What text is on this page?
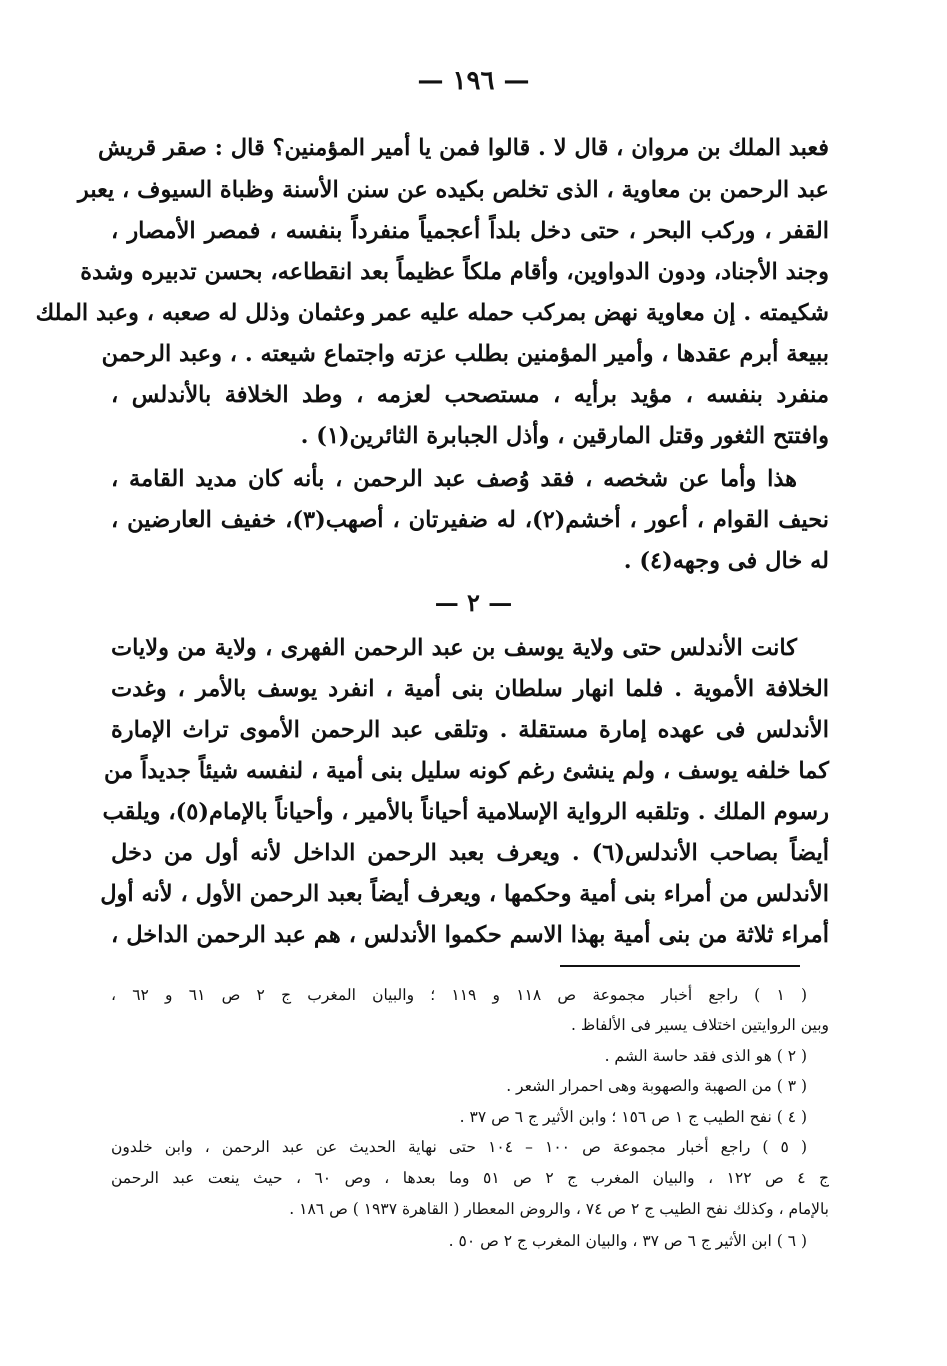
— ١٩٦ —
فعبد الملك بن مروان ، قال لا . قالوا فمن يا أمير المؤمنين؟ قال : صقر قريش
عبد الرحمن بن معاوية ، الذى تخلص بكيده عن سنن الأسنة وظباة السيوف ، يعبر
القفر ، وركب البحر ، حتى دخل بلداً أعجمياً منفرداً بنفسه ، فمصر الأمصار ،
وجند الأجناد، ودون الدواوين، وأقام ملكاً عظيماً بعد انقطاعه، بحسن تدبيره وشدة
شكيمته . إن معاوية نهض بمركب حمله عليه عمر وعثمان وذلل له صعبه ، وعبد الملك
ببيعة أبرم عقدها ، وأمير المؤمنين بطلب عزته واجتماع شيعته . ، وعبد الرحمن
منفرد بنفسه ، مؤيد برأيه ، مستصحب لعزمه ، وطد الخلافة بالأندلس ،
وافتتح الثغور وقتل المارقين ، وأذل الجبابرة الثائرين(١) .
هذا وأما عن شخصه ، فقد وُصف عبد الرحمن ، بأنه كان مديد القامة ،
نحيف القوام ، أعور ، أخشم(٢)، له ضفيرتان ، أصهب(٣)، خفيف العارضين ،
له خال فى وجهه(٤) .
— ٢ —
كانت الأندلس حتى ولاية يوسف بن عبد الرحمن الفهرى ، ولاية من ولايات
الخلافة الأموية . فلما انهار سلطان بنى أمية ، انفرد يوسف بالأمر ، وغدت
الأندلس فى عهده إمارة مستقلة . وتلقى عبد الرحمن الأموى تراث الإمارة
كما خلفه يوسف ، ولم ينشئ رغم كونه سليل بنى أمية ، لنفسه شيئاً جديداً من
رسوم الملك . وتلقبه الرواية الإسلامية أحياناً بالأمير ، وأحياناً بالإمام(٥)، ويلقب
أيضاً بصاحب الأندلس(٦) . ويعرف بعبد الرحمن الداخل لأنه أول من دخل
الأندلس من أمراء بنى أمية وحكمها ، ويعرف أيضاً بعبد الرحمن الأول ، لأنه أول
أمراء ثلاثة من بنى أمية بهذا الاسم حكموا الأندلس ، هم عبد الرحمن الداخل ،
( ١ ) راجع أخبار مجموعة ص ١١٨ و ١١٩ ؛ والبيان المغرب ج ٢ ص ٦١ و ٦٢ ،
وبين الروايتين اختلاف يسير فى الألفاظ .
( ٢ ) هو الذى فقد حاسة الشم .
( ٣ ) من الصهبة والصهوبة وهى احمرار الشعر .
( ٤ ) نفح الطيب ج ١ ص ١٥٦ ؛ وابن الأثير ج ٦ ص ٣٧ .
( ٥ ) راجع أخبار مجموعة ص ١٠٠ – ١٠٤ حتى نهاية الحديث عن عبد الرحمن ، وابن خلدون
ج ٤ ص ١٢٢ ، والبيان المغرب ج ٢ ص ٥١ وما بعدها ، وص ٦٠ ، حيث ينعت عبد الرحمن
بالإمام ، وكذلك نفح الطيب ج ٢ ص ٧٤ ، والروض المعطار ( القاهرة ١٩٣٧ ) ص ١٨٦ .
( ٦ ) ابن الأثير ج ٦ ص ٣٧ ، والبيان المغرب ج ٢ ص ٥٠ .
